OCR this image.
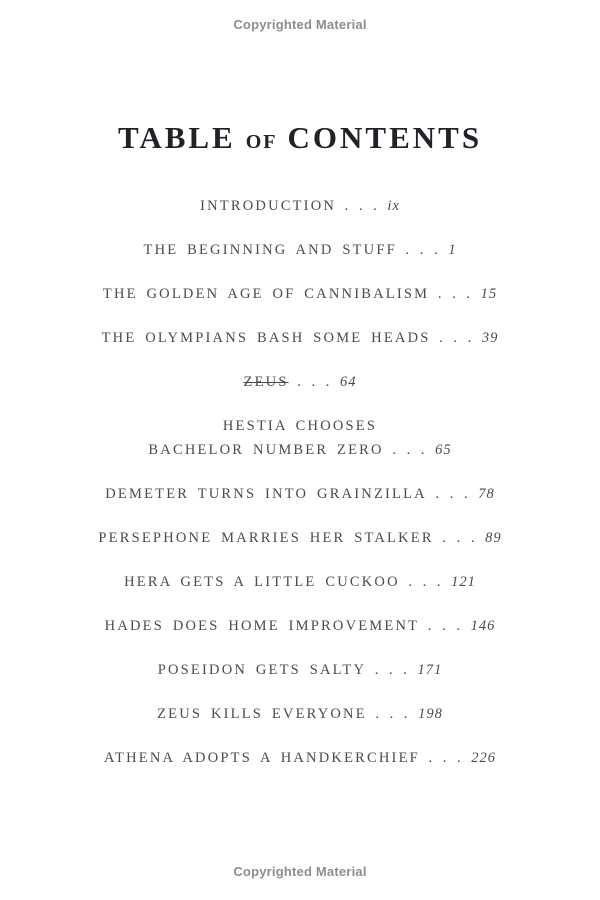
Copyrighted Material
TABLE OF CONTENTS
INTRODUCTION . . . ix
THE BEGINNING AND STUFF . . . 1
THE GOLDEN AGE OF CANNIBALISM . . . 15
THE OLYMPIANS BASH SOME HEADS . . . 39
ZEUS . . . 64
HESTIA CHOOSES
BACHELOR NUMBER ZERO . . . 65
DEMETER TURNS INTO GRAINZILLA . . . 78
PERSEPHONE MARRIES HER STALKER . . . 89
HERA GETS A LITTLE CUCKOO . . . 121
HADES DOES HOME IMPROVEMENT . . . 146
POSEIDON GETS SALTY . . . 171
ZEUS KILLS EVERYONE . . . 198
ATHENA ADOPTS A HANDKERCHIEF . . . 226
Copyrighted Material
